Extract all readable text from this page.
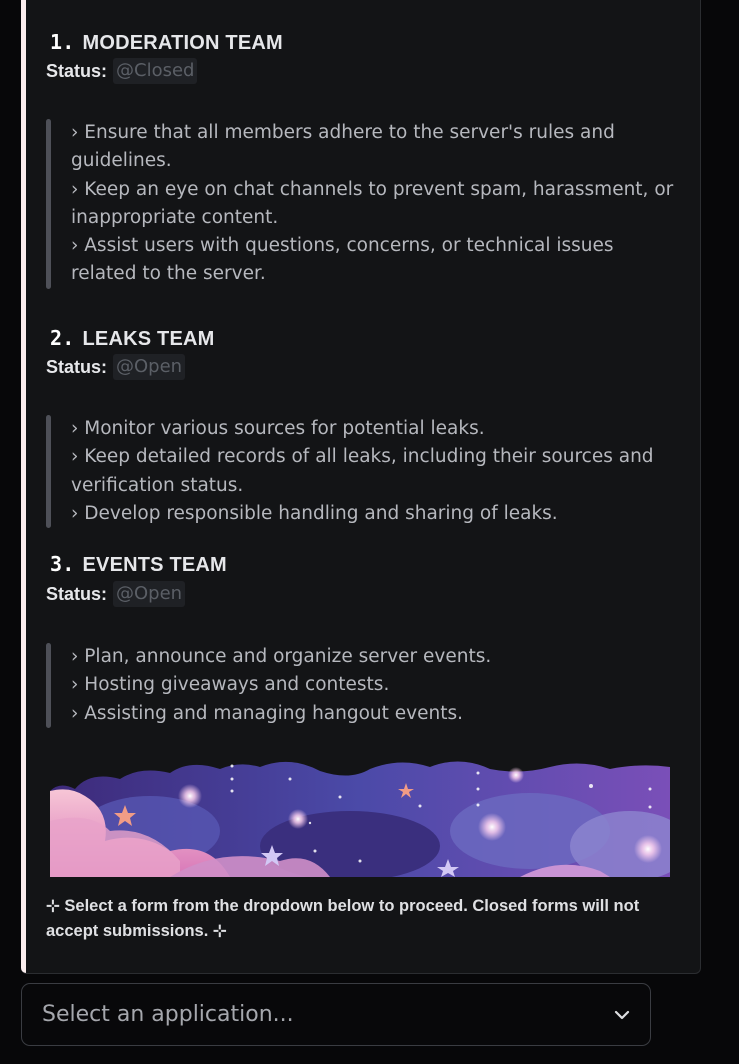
1. MODERATION TEAM
Status: @Closed
› Ensure that all members adhere to the server's rules and guidelines.
› Keep an eye on chat channels to prevent spam, harassment, or inappropriate content.
› Assist users with questions, concerns, or technical issues related to the server.
2. LEAKS TEAM
Status: @Open
› Monitor various sources for potential leaks.
› Keep detailed records of all leaks, including their sources and verification status.
› Develop responsible handling and sharing of leaks.
3. EVENTS TEAM
Status: @Open
› Plan, announce and organize server events.
› Hosting giveaways and contests.
› Assisting and managing hangout events.
⊹ Select a form from the dropdown below to proceed. Closed forms will not accept submissions. ⊹
Select an application...
